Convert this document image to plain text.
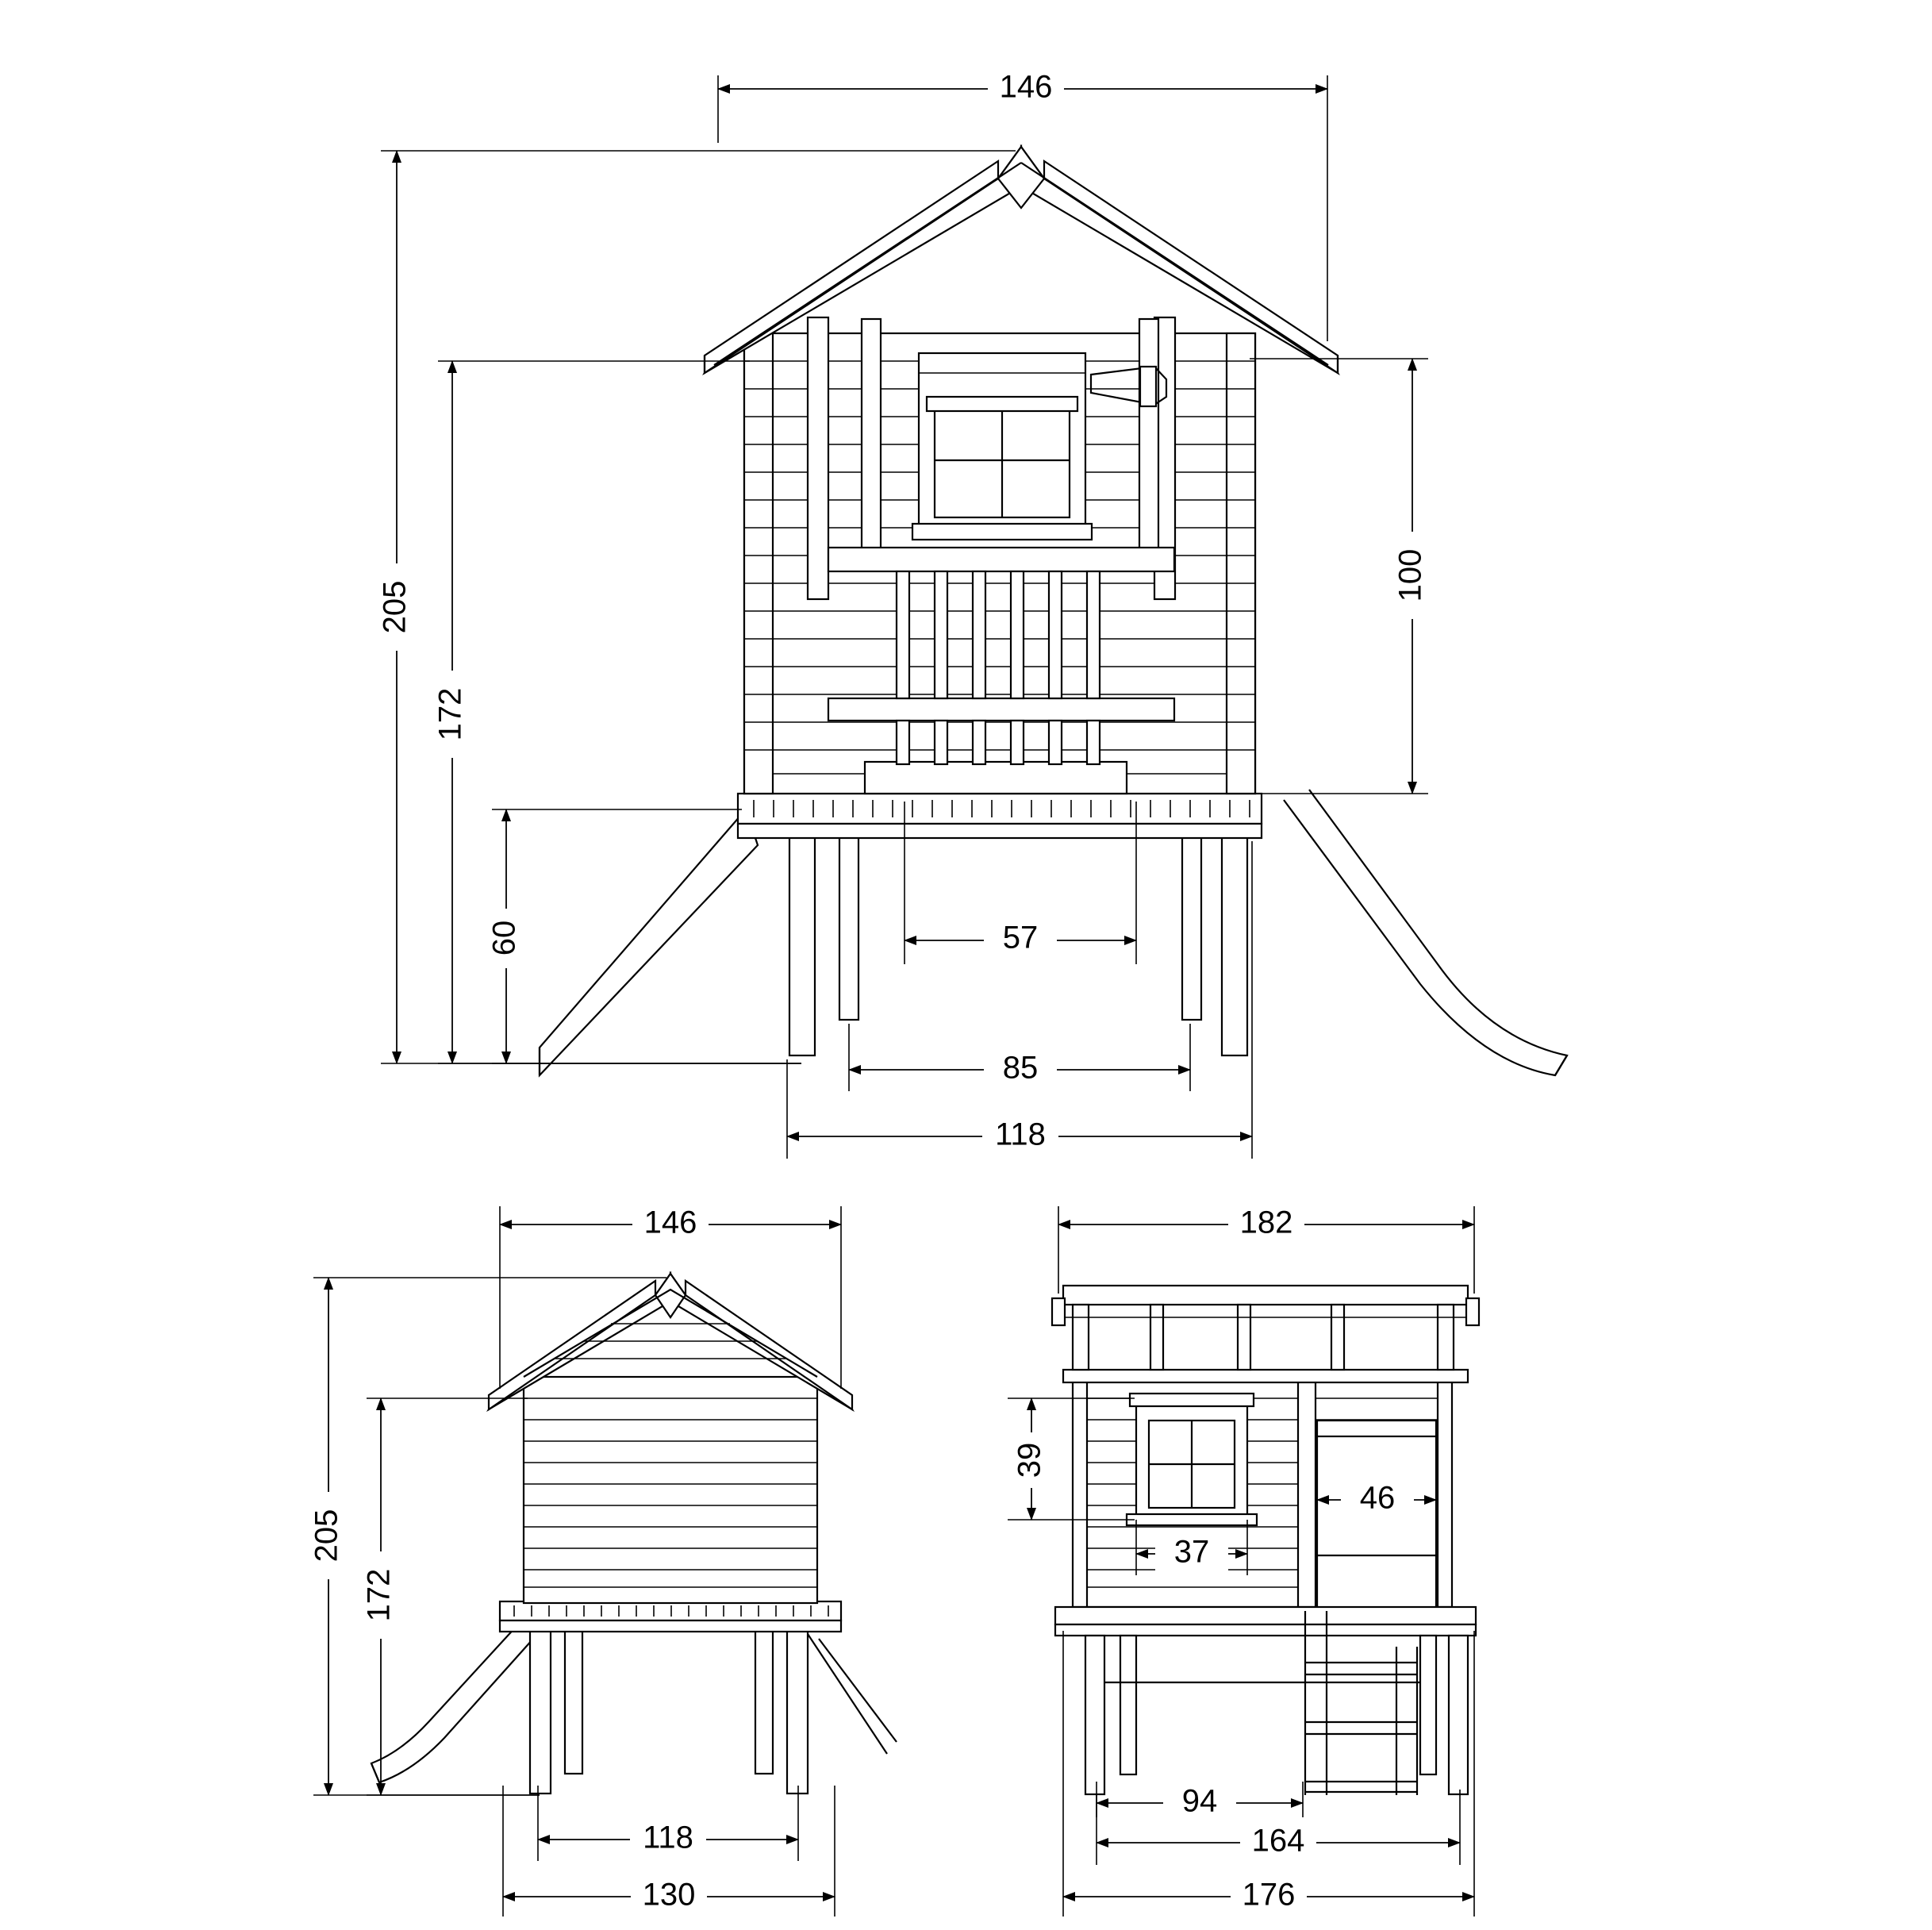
146
205
172
60
100
57
85
118
146
205
172
118
130
182
39
37
46
94
164
176
